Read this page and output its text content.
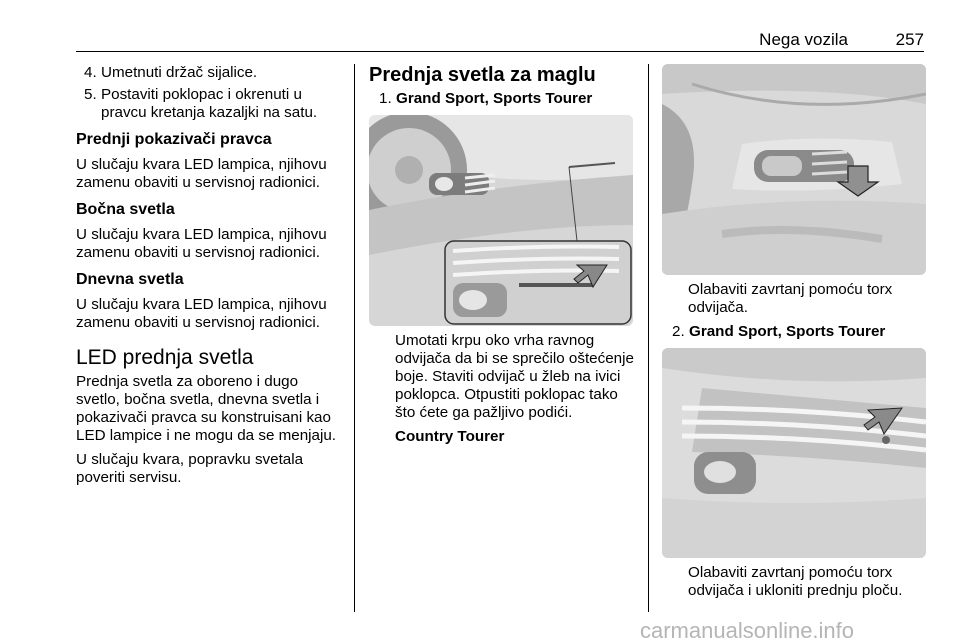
Nega vozila	257
4. Umetnuti držač sijalice.
5. Postaviti poklopac i okrenuti u pravcu kretanja kazaljki na satu.
Prednji pokazivači pravca

U slučaju kvara LED lampica, njihovu zamenu obaviti u servisnoj radionici.

Bočna svetla

U slučaju kvara LED lampica, njihovu zamenu obaviti u servisnoj radionici.

Dnevna svetla

U slučaju kvara LED lampica, njihovu zamenu obaviti u servisnoj radionici.

LED prednja svetla

Prednja svetla za oboreno i dugo svetlo, bočna svetla, dnevna svetla i pokazivači pravca su konstruisani kao LED lampice i ne mogu da se menjaju.

U slučaju kvara, popravku svetala poveriti servisu.

Prednja svetla za maglu
1. Grand Sport, Sports Tourer

Umotati krpu oko vrha ravnog odvijača da bi se sprečilo oštećenje boje. Staviti odvijač u žleb na ivici poklopca. Otpustiti poklopac tako što ćete ga pažljivo podići.

Country Tourer

Olabaviti zavrtanj pomoću torx odvijača.

2. Grand Sport, Sports Tourer

Olabaviti zavrtanj pomoću torx odvijača i ukloniti prednju ploču.

carmanualsonline.info
